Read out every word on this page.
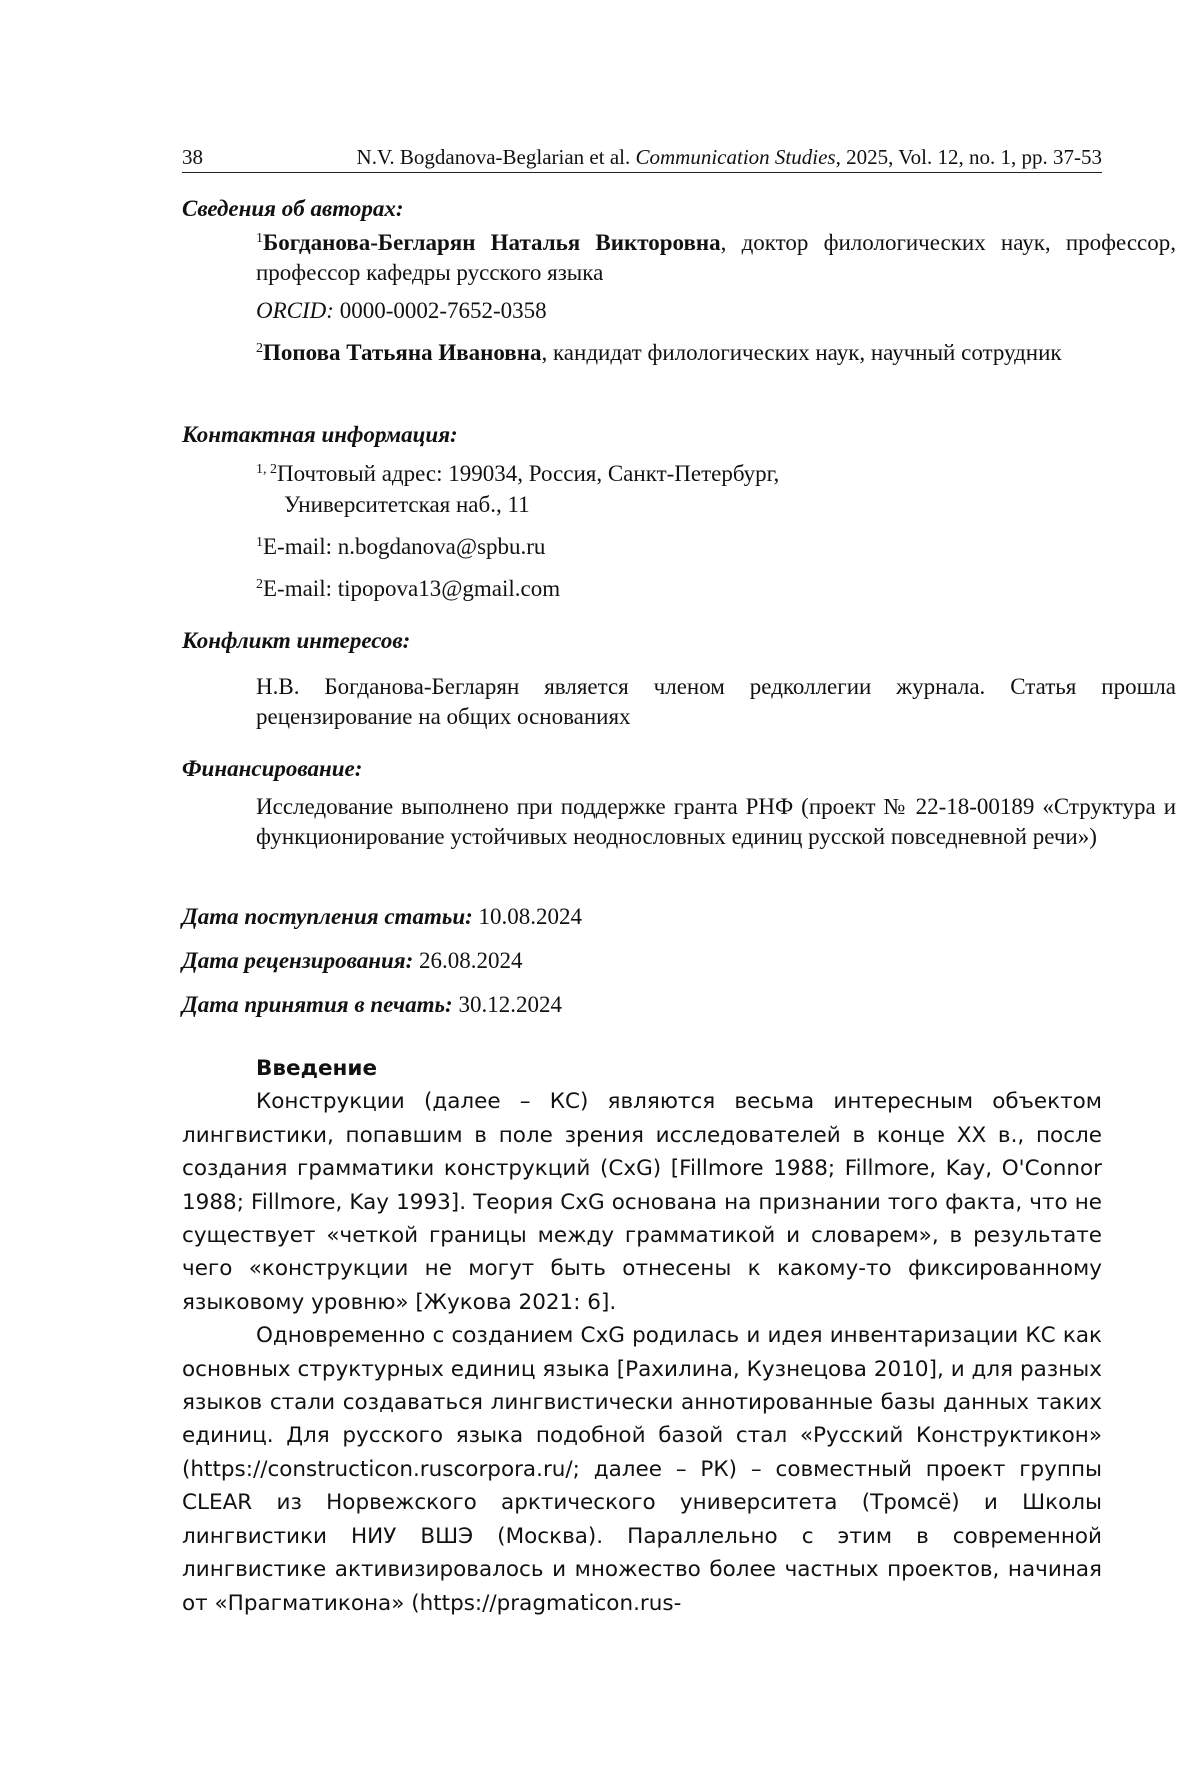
38	N.V. Bogdanova-Beglarian et al. Communication Studies, 2025, Vol. 12, no. 1, pp. 37-53
Сведения об авторах:
$^1$Богданова-Бегларян Наталья Викторовна, доктор филологических наук, профессор, профессор кафедры русского языка
ORCID: 0000-0002-7652-0358
$^2$Попова Татьяна Ивановна, кандидат филологических наук, научный сотрудник
Контактная информация:
$^{1, 2}$Почтовый адрес: 199034, Россия, Санкт-Петербург,
Университетская наб., 11
$^1$E-mail: n.bogdanova@spbu.ru
$^2$E-mail: tipopova13@gmail.com
Конфликт интересов:
Н.В. Богданова-Бегларян является членом редколлегии журнала. Статья прошла рецензирование на общих основаниях
Финансирование:
Исследование выполнено при поддержке гранта РНФ (проект № 22-18-00189 «Структура и функционирование устойчивых неоднословных единиц русской повседневной речи»)
Дата поступления статьи: 10.08.2024
Дата рецензирования: 26.08.2024
Дата принятия в печать: 30.12.2024
Введение

Конструкции (далее – КС) являются весьма интересным объектом лингвистики, попавшим в поле зрения исследователей в конце XX в., после создания грамматики конструкций (CxG) [Fillmore 1988; Fillmore, Kay, O'Connor 1988; Fillmore, Kay 1993]. Теория CxG основана на признании того факта, что не существует «четкой границы между грамматикой и словарем», в результате чего «конструкции не могут быть отнесены к какому-то фиксированному языковому уровню» [Жукова 2021: 6].

Одновременно с созданием CxG родилась и идея инвентаризации КС как основных структурных единиц языка [Рахилина, Кузнецова 2010], и для разных языков стали создаваться лингвистически аннотированные базы данных таких единиц. Для русского языка подобной базой стал «Русский Конструктикон» (https://constructicon.ruscorpora.ru/; далее – РК) – совместный проект группы CLEAR из Норвежского арктического университета (Тромсё) и Школы лингвистики НИУ ВШЭ (Москва). Параллельно с этим в современной лингвистике активизировалось и множество более частных проектов, начиная от «Прагматикона» (https://pragmaticon.rus-
